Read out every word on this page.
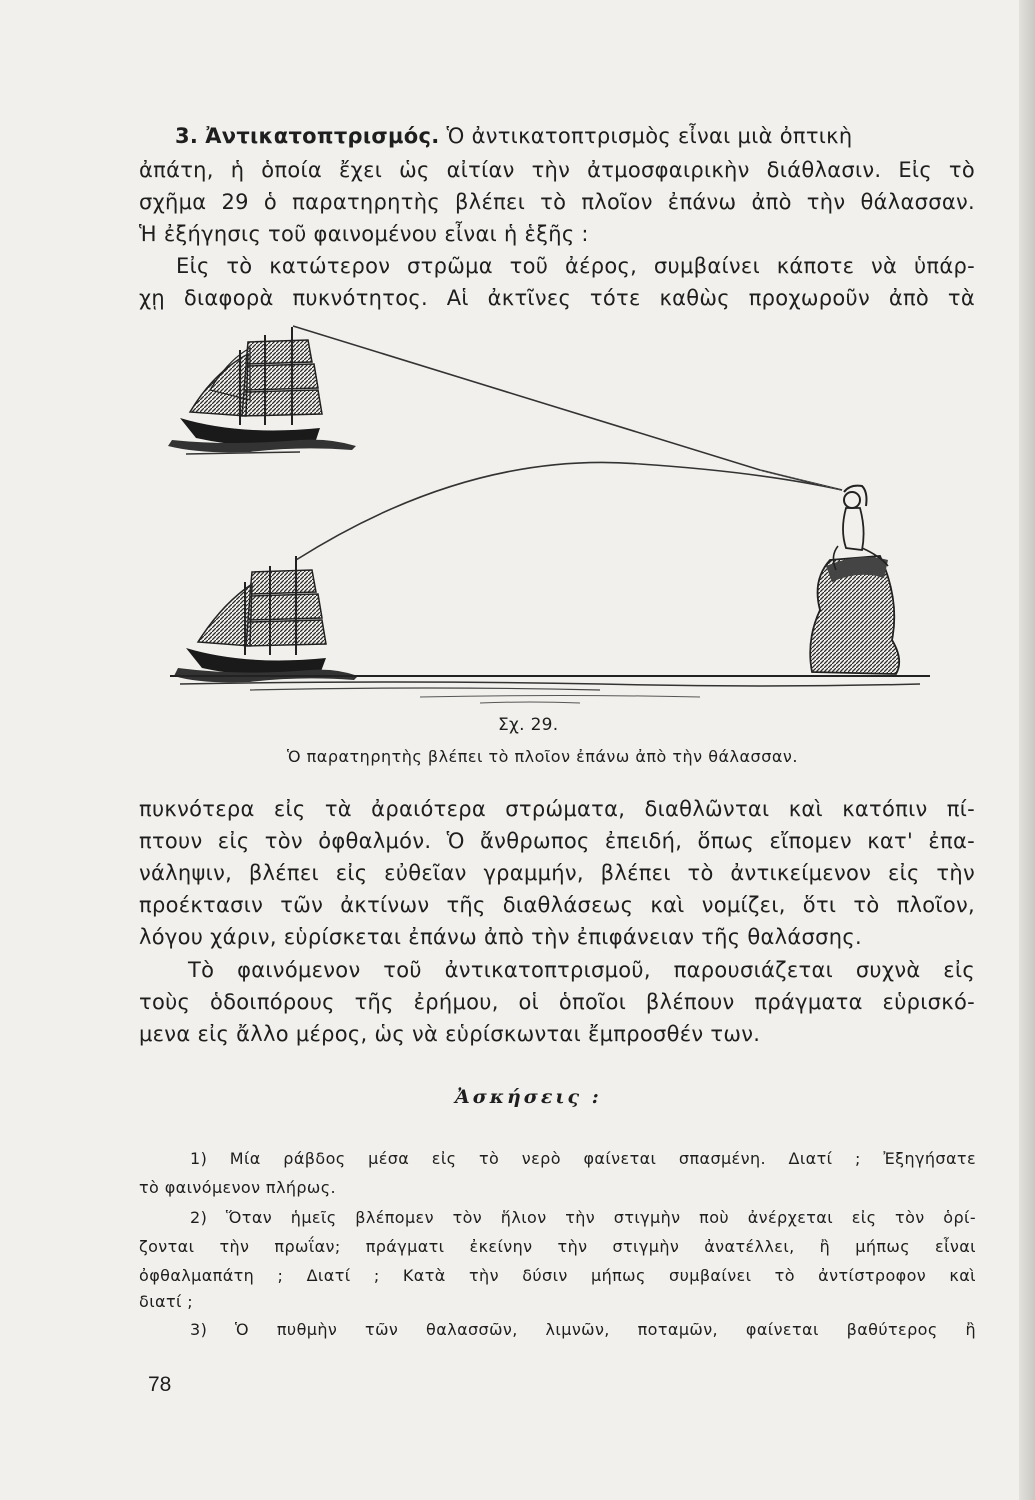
3. Ἀντικατοπτρισμός. Ὁ ἀντικατοπτρισμὸς εἶναι μιὰ ὀπτικὴ
ἀπάτη, ἡ ὁποία ἔχει ὡς αἰτίαν τὴν ἀτμοσφαιρικὴν διάθλασιν. Εἰς τὸ
σχῆμα 29 ὁ παρατηρητὴς βλέπει τὸ πλοῖον ἐπάνω ἀπὸ τὴν θάλασσαν.
Ἡ ἐξήγησις τοῦ φαινομένου εἶναι ἡ ἑξῆς :
Εἰς τὸ κατώτερον στρῶμα τοῦ ἀέρος, συμβαίνει κάποτε νὰ ὑπάρ-
χῃ διαφορὰ πυκνότητος. Αἱ ἀκτῖνες τότε καθὼς προχωροῦν ἀπὸ τὰ
Σχ. 29.
Ὁ παρατηρητὴς βλέπει τὸ πλοῖον ἐπάνω ἀπὸ τὴν θάλασσαν.
πυκνότερα εἰς τὰ ἀραιότερα στρώματα, διαθλῶνται καὶ κατόπιν πί-
πτουν εἰς τὸν ὀφθαλμόν. Ὁ ἄνθρωπος ἐπειδή, ὅπως εἴπομεν κατ' ἐπα-
νάληψιν, βλέπει εἰς εὐθεῖαν γραμμήν, βλέπει τὸ ἀντικείμενον εἰς τὴν
προέκτασιν τῶν ἀκτίνων τῆς διαθλάσεως καὶ νομίζει, ὅτι τὸ πλοῖον,
λόγου χάριν, εὑρίσκεται ἐπάνω ἀπὸ τὴν ἐπιφάνειαν τῆς θαλάσσης.
Τὸ φαινόμενον τοῦ ἀντικατοπτρισμοῦ, παρουσιάζεται συχνὰ εἰς
τοὺς ὁδοιπόρους τῆς ἐρήμου, οἱ ὁποῖοι βλέπουν πράγματα εὑρισκό-
μενα εἰς ἄλλο μέρος, ὡς νὰ εὑρίσκωνται ἔμπροσθέν των.
Ἀσκήσεις :
1) Μία ράβδος μέσα εἰς τὸ νερὸ φαίνεται σπασμένη. Διατί ; Ἐξηγήσατε
τὸ φαινόμενον πλήρως.
2) Ὅταν ἡμεῖς βλέπομεν τὸν ἥλιον τὴν στιγμὴν ποὺ ἀνέρχεται εἰς τὸν ὁρί-
ζονται τὴν πρωΐαν; πράγματι ἐκείνην τὴν στιγμὴν ἀνατέλλει, ἢ μήπως εἶναι
ὀφθαλμαπάτη ; Διατί ; Κατὰ τὴν δύσιν μήπως συμβαίνει τὸ ἀντίστροφον καὶ
διατί ;
3) Ὁ πυθμὴν τῶν θαλασσῶν, λιμνῶν, ποταμῶν, φαίνεται βαθύτερος ἢ
78
